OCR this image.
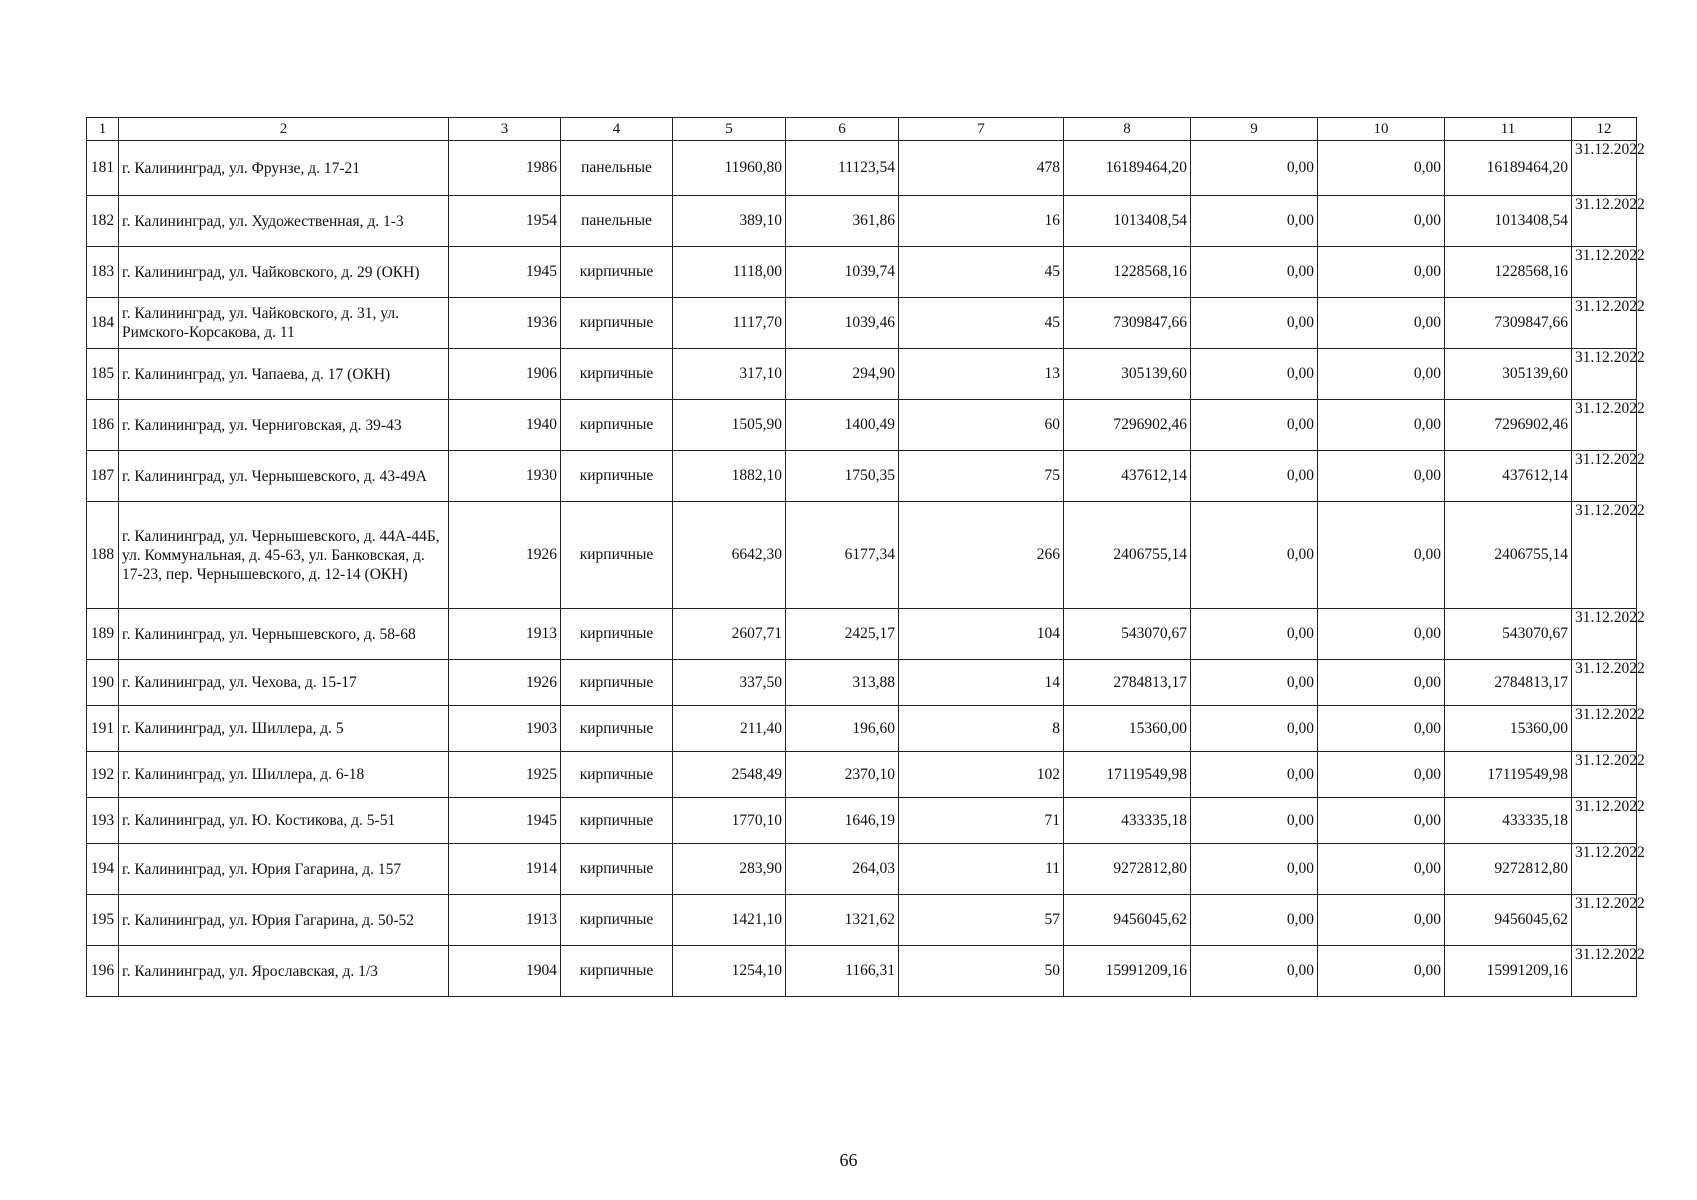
1	2	3	4	5	6	7	8	9	10	11	12
181	г. Калининград, ул. Фрунзе, д. 17-21	1986	панельные	11960,80	11123,54	478	16189464,20	0,00	0,00	16189464,20	31.12.2022
182	г. Калининград, ул. Художественная, д. 1-3	1954	панельные	389,10	361,86	16	1013408,54	0,00	0,00	1013408,54	31.12.2022
183	г. Калининград, ул. Чайковского, д. 29 (ОКН)	1945	кирпичные	1118,00	1039,74	45	1228568,16	0,00	0,00	1228568,16	31.12.2022
184	г. Калининград, ул. Чайковского, д. 31, ул. Римского-Корсакова, д. 11	1936	кирпичные	1117,70	1039,46	45	7309847,66	0,00	0,00	7309847,66	31.12.2022
185	г. Калининград, ул. Чапаева, д. 17 (ОКН)	1906	кирпичные	317,10	294,90	13	305139,60	0,00	0,00	305139,60	31.12.2022
186	г. Калининград, ул. Черниговская, д. 39-43	1940	кирпичные	1505,90	1400,49	60	7296902,46	0,00	0,00	7296902,46	31.12.2022
187	г. Калининград, ул. Чернышевского, д. 43-49А	1930	кирпичные	1882,10	1750,35	75	437612,14	0,00	0,00	437612,14	31.12.2022
188	г. Калининград, ул. Чернышевского, д. 44А-44Б, ул. Коммунальная, д. 45-63, ул. Банковская, д. 17-23, пер. Чернышевского, д. 12-14 (ОКН)	1926	кирпичные	6642,30	6177,34	266	2406755,14	0,00	0,00	2406755,14	31.12.2022
189	г. Калининград, ул. Чернышевского, д. 58-68	1913	кирпичные	2607,71	2425,17	104	543070,67	0,00	0,00	543070,67	31.12.2022
190	г. Калининград, ул. Чехова, д. 15-17	1926	кирпичные	337,50	313,88	14	2784813,17	0,00	0,00	2784813,17	31.12.2022
191	г. Калининград, ул. Шиллера, д. 5	1903	кирпичные	211,40	196,60	8	15360,00	0,00	0,00	15360,00	31.12.2022
192	г. Калининград, ул. Шиллера, д. 6-18	1925	кирпичные	2548,49	2370,10	102	17119549,98	0,00	0,00	17119549,98	31.12.2022
193	г. Калининград, ул. Ю. Костикова, д. 5-51	1945	кирпичные	1770,10	1646,19	71	433335,18	0,00	0,00	433335,18	31.12.2022
194	г. Калининград, ул. Юрия Гагарина, д. 157	1914	кирпичные	283,90	264,03	11	9272812,80	0,00	0,00	9272812,80	31.12.2022
195	г. Калининград, ул. Юрия Гагарина, д. 50-52	1913	кирпичные	1421,10	1321,62	57	9456045,62	0,00	0,00	9456045,62	31.12.2022
196	г. Калининград, ул. Ярославская, д. 1/3	1904	кирпичные	1254,10	1166,31	50	15991209,16	0,00	0,00	15991209,16	31.12.2022
66
